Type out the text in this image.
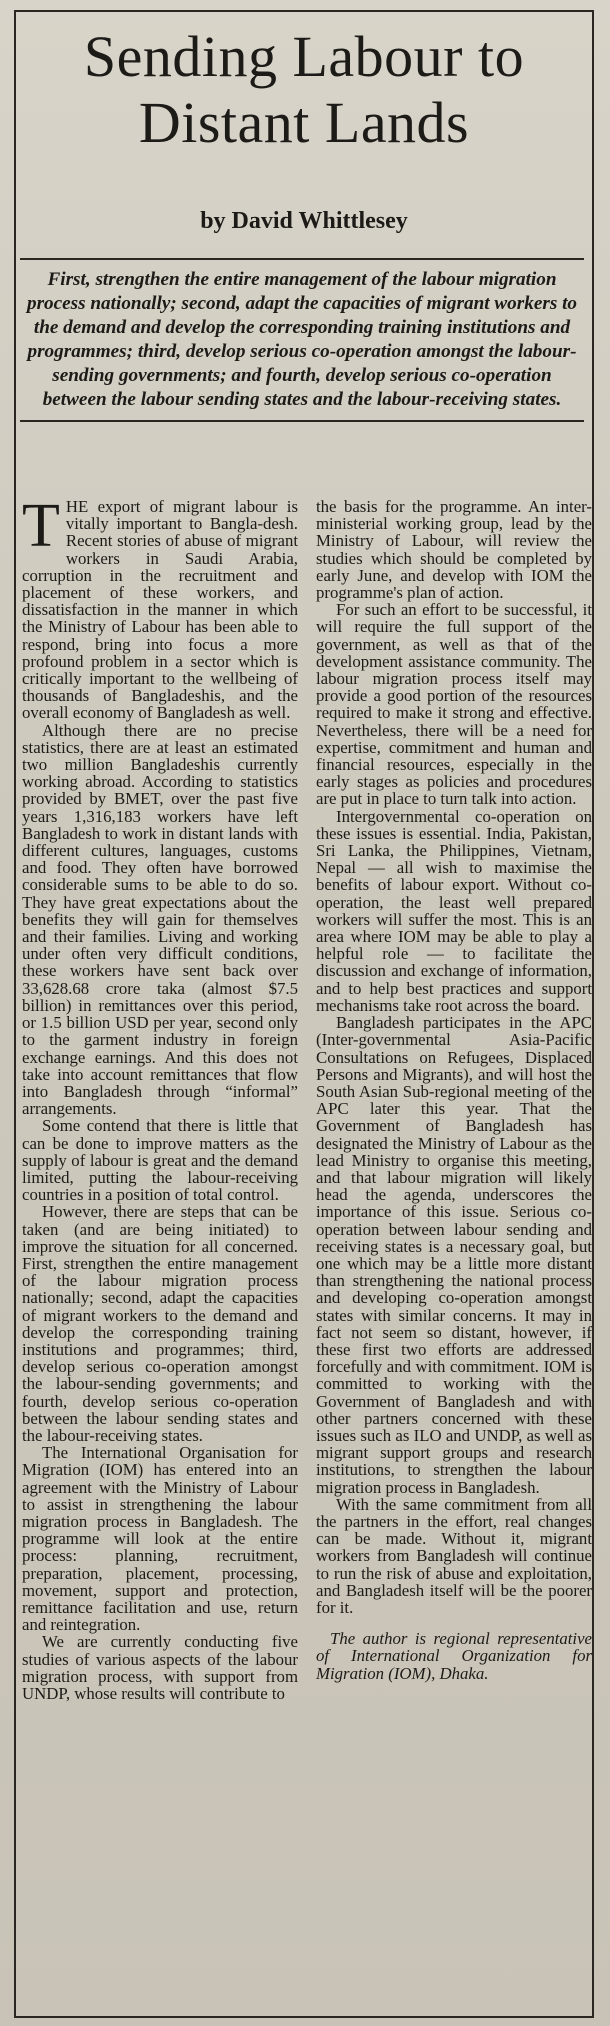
Sending Labour to
Distant Lands
by David Whittlesey
First, strengthen the entire management of the labour migration process nationally; second, adapt the capacities of migrant workers to the demand and develop the corresponding training institutions and programmes; third, develop serious co-operation amongst the labour-sending governments; and fourth, develop serious co-operation between the labour sending states and the labour-receiving states.

THE export of migrant labour is vitally important to Bangla-desh. Recent stories of abuse of migrant workers in Saudi Arabia, corruption in the recruitment and placement of these workers, and dissatisfaction in the manner in which the Ministry of Labour has been able to respond, bring into focus a more profound problem in a sector which is critically important to the wellbeing of thousands of Bangladeshis, and the overall economy of Bangladesh as well.

Although there are no precise statistics, there are at least an estimated two million Bangladeshis currently working abroad. According to statistics provided by BMET, over the past five years 1,316,183 workers have left Bangladesh to work in distant lands with different cultures, languages, customs and food. They often have borrowed considerable sums to be able to do so. They have great expectations about the benefits they will gain for themselves and their families. Living and working under often very difficult conditions, these workers have sent back over 33,628.68 crore taka (almost $7.5 billion) in remittances over this period, or 1.5 billion USD per year, second only to the garment industry in foreign exchange earnings. And this does not take into account remittances that flow into Bangladesh through “informal” arrangements.

Some contend that there is little that can be done to improve matters as the supply of labour is great and the demand limited, putting the labour-receiving countries in a position of total control.

However, there are steps that can be taken (and are being initiated) to improve the situation for all concerned. First, strengthen the entire management of the labour migration process nationally; second, adapt the capacities of migrant workers to the demand and develop the corresponding training institutions and programmes; third, develop serious co-operation amongst the labour-sending governments; and fourth, develop serious co-operation between the labour sending states and the labour-receiving states.

The International Organisation for Migration (IOM) has entered into an agreement with the Ministry of Labour to assist in strengthening the labour migration process in Bangladesh. The programme will look at the entire process: planning, recruitment, preparation, placement, processing, movement, support and protection, remittance facilitation and use, return and reintegration.

We are currently conducting five studies of various aspects of the labour migration process, with support from UNDP, whose results will contribute to

the basis for the programme. An inter-ministerial working group, lead by the Ministry of Labour, will review the studies which should be completed by early June, and develop with IOM the programme's plan of action.

For such an effort to be successful, it will require the full support of the government, as well as that of the development assistance community. The labour migration process itself may provide a good portion of the resources required to make it strong and effective. Nevertheless, there will be a need for expertise, commitment and human and financial resources, especially in the early stages as policies and procedures are put in place to turn talk into action.

Intergovernmental co-operation on these issues is essential. India, Pakistan, Sri Lanka, the Philippines, Vietnam, Nepal — all wish to maximise the benefits of labour export. Without co-operation, the least well prepared workers will suffer the most. This is an area where IOM may be able to play a helpful role — to facilitate the discussion and exchange of information, and to help best practices and support mechanisms take root across the board.

Bangladesh participates in the APC (Inter-governmental Asia-Pacific Consultations on Refugees, Displaced Persons and Migrants), and will host the South Asian Sub-regional meeting of the APC later this year. That the Government of Bangladesh has designated the Ministry of Labour as the lead Ministry to organise this meeting, and that labour migration will likely head the agenda, underscores the importance of this issue. Serious co-operation between labour sending and receiving states is a necessary goal, but one which may be a little more distant than strengthening the national process and developing co-operation amongst states with similar concerns. It may in fact not seem so distant, however, if these first two efforts are addressed forcefully and with commitment. IOM is committed to working with the Government of Bangladesh and with other partners concerned with these issues such as ILO and UNDP, as well as migrant support groups and research institutions, to strengthen the labour migration process in Bangladesh.

With the same commitment from all the partners in the effort, real changes can be made. Without it, migrant workers from Bangladesh will continue to run the risk of abuse and exploitation, and Bangladesh itself will be the poorer for it.

The author is regional representative of International Organization for Migration (IOM), Dhaka.
